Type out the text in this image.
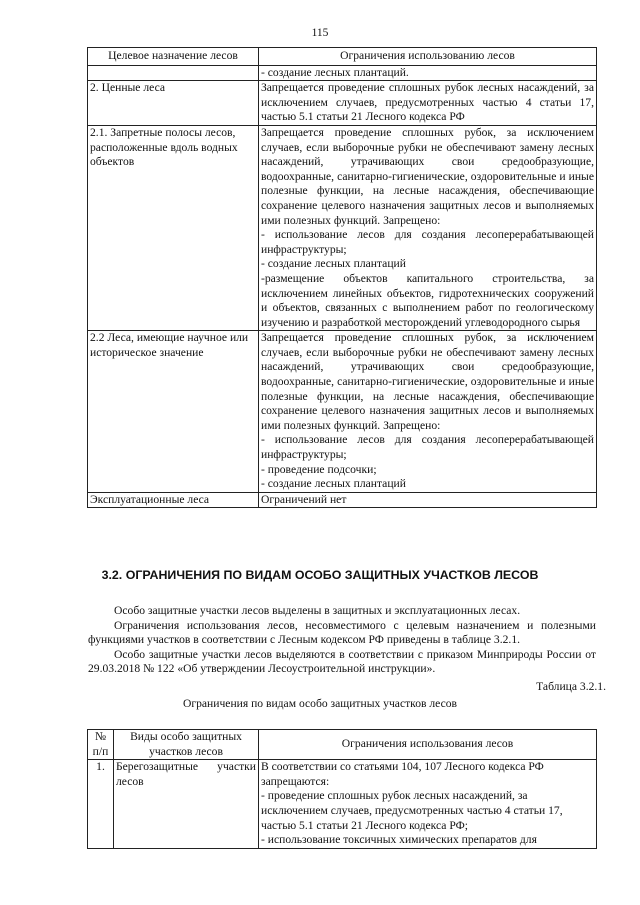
115
Целевое назначение лесов	Ограничения использованию лесов

	- создание лесных плантаций.

2. Ценные леса	Запрещается проведение сплошных рубок лесных насаждений, за исключением случаев, предусмотренных частью 4 статьи 17, частью 5.1 статьи 21 Лесного кодекса РФ

2.1. Запретные полосы лесов, расположенные вдоль водных объектов	Запрещается проведение сплошных рубок, за исключением случаев, если выборочные рубки не обеспечивают замену лесных насаждений, утрачивающих свои средообразующие, водоохранные, санитарно-гигиенические, оздоровительные и иные полезные функции, на лесные насаждения, обеспечивающие сохранение целевого назначения защитных лесов и выполняемых ими полезных функций. Запрещено:
- использование лесов для создания лесоперерабатывающей инфраструктуры;
- создание лесных плантаций
-размещение объектов капитального строительства, за исключением линейных объектов, гидротехнических сооружений и объектов, связанных с выполнением работ по геологическому изучению и разработкой месторождений углеводородного сырья

2.2 Леса, имеющие научное или историческое значение	Запрещается проведение сплошных рубок, за исключением случаев, если выборочные рубки не обеспечивают замену лесных насаждений, утрачивающих свои средообразующие, водоохранные, санитарно-гигиенические, оздоровительные и иные полезные функции, на лесные насаждения, обеспечивающие сохранение целевого назначения защитных лесов и выполняемых ими полезных функций. Запрещено:
- использование лесов для создания лесоперерабатывающей инфраструктуры;
- проведение подсочки;
- создание лесных плантаций

Эксплуатационные леса	Ограничений нет
3.2. ОГРАНИЧЕНИЯ ПО ВИДАМ ОСОБО ЗАЩИТНЫХ УЧАСТКОВ ЛЕСОВ

Особо защитные участки лесов выделены в защитных и эксплуатационных лесах.

Ограничения использования лесов, несовместимого с целевым назначением и полезными функциями участков в соответствии с Лесным кодексом РФ приведены в таблице 3.2.1.

Особо защитные участки лесов выделяются в соответствии с приказом Минприроды России от 29.03.2018 № 122 «Об утверждении Лесоустроительной инструкции».

Таблица 3.2.1.
Ограничения по видам особо защитных участков лесов
№ п/п	Виды особо защитных участков лесов	Ограничения использования лесов
1.	Берегозащитные участки лесов	В соответствии со статьями 104, 107 Лесного кодекса РФ
запрещаются:
- проведение сплошных рубок лесных насаждений, за исключением случаев, предусмотренных частью 4 статьи 17, частью 5.1 статьи 21 Лесного кодекса РФ;
- использование токсичных химических препаратов для
